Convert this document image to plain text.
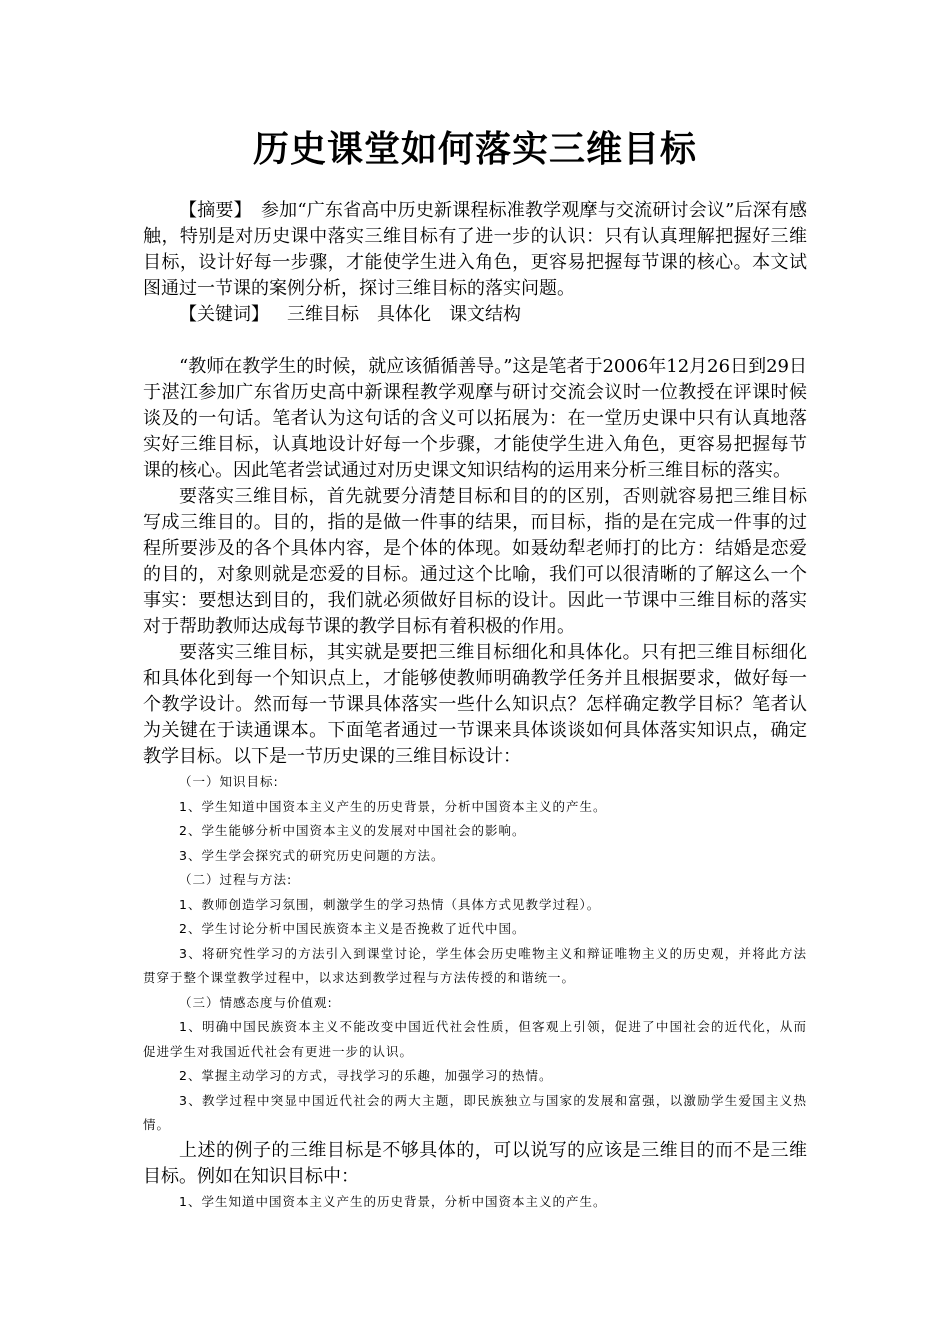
历史课堂如何落实三维目标

【摘要】　 参加“广东省高中历史新课程标准教学观摩与交流研讨会议”后深有感触，特别是对历史课中落实三维目标有了进一步的认识：只有认真理解把握好三维目标，设计好每一步骤，才能使学生进入角色，更容易把握每节课的核心。本文试图通过一节课的案例分析，探讨三维目标的落实问题。

【关键词】 三维目标 具体化 课文结构

“教师在教学生的时候，就应该循循善导。”这是笔者于2006年12月26日到29日于湛江参加广东省历史高中新课程教学观摩与研讨交流会议时一位教授在评课时候谈及的一句话。笔者认为这句话的含义可以拓展为：在一堂历史课中只有认真地落实好三维目标，认真地设计好每一个步骤，才能使学生进入角色，更容易把握每节课的核心。因此笔者尝试通过对历史课文知识结构的运用来分析三维目标的落实。

要落实三维目标，首先就要分清楚目标和目的的区别，否则就容易把三维目标写成三维目的。目的，指的是做一件事的结果，而目标，指的是在完成一件事的过程所要涉及的各个具体内容，是个体的体现。如聂幼犁老师打的比方：结婚是恋爱的目的，对象则就是恋爱的目标。通过这个比喻，我们可以很清晰的了解这么一个事实：要想达到目的，我们就必须做好目标的设计。因此一节课中三维目标的落实对于帮助教师达成每节课的教学目标有着积极的作用。

要落实三维目标，其实就是要把三维目标细化和具体化。只有把三维目标细化和具体化到每一个知识点上，才能够使教师明确教学任务并且根据要求，做好每一个教学设计。然而每一节课具体落实一些什么知识点？怎样确定教学目标？笔者认为关键在于读通课本。下面笔者通过一节课来具体谈谈如何具体落实知识点，确定教学目标。以下是一节历史课的三维目标设计：

（一）知识目标:

1、学生知道中国资本主义产生的历史背景，分析中国资本主义的产生。

2、学生能够分析中国资本主义的发展对中国社会的影响。

3、学生学会探究式的研究历史问题的方法。

（二）过程与方法:

1、教师创造学习氛围，刺激学生的学习热情（具体方式见教学过程）。

2、学生讨论分析中国民族资本主义是否挽救了近代中国。

3、将研究性学习的方法引入到课堂讨论，学生体会历史唯物主义和辩证唯物主义的历史观，并将此方法贯穿于整个课堂教学过程中，以求达到教学过程与方法传授的和谐统一。

（三）情感态度与价值观:

1、明确中国民族资本主义不能改变中国近代社会性质，但客观上引领，促进了中国社会的近代化，从而促进学生对我国近代社会有更进一步的认识。

2、掌握主动学习的方式，寻找学习的乐趣，加强学习的热情。

3、教学过程中突显中国近代社会的两大主题，即民族独立与国家的发展和富强，以激励学生爱国主义热情。

上述的例子的三维目标是不够具体的，可以说写的应该是三维目的而不是三维目标。例如在知识目标中：

1、学生知道中国资本主义产生的历史背景，分析中国资本主义的产生。
